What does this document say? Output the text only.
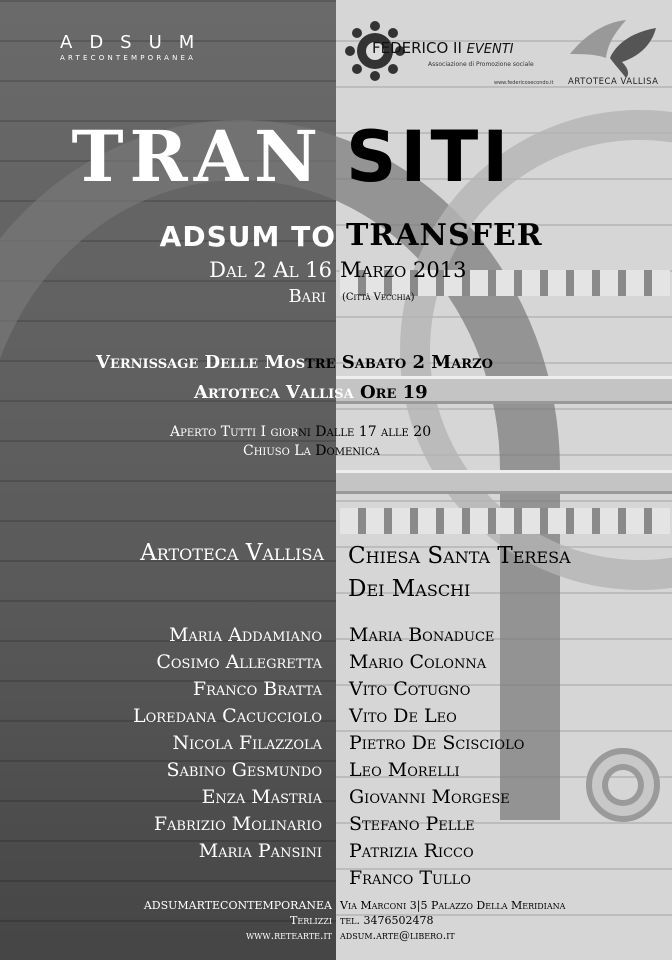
ADSUM
ARTECONTEMPORANEA
FEDERICO II EVENTI
Associazione di Promozione sociale
www.federicosecondo.it ARTOTECA VALLISA
TRAN SITI
ADSUM TO TRANSFER
Dal 2 Al 16 Marzo 2013
Bari (Città Vecchia)
Vernissage Delle Mostre Sabato 2 Marzo
Artoteca Vallisa Ore 19
Aperto Tutti I giorni Dalle 17 alle 20
Chiuso La Domenica
Artoteca Vallisa Chiesa Santa Teresa
Dei Maschi
Maria Addamiano
Cosimo Allegretta
Franco Bratta
Loredana Cacucciolo
Nicola Filazzola
Sabino Gesmundo
Enza Mastria
Fabrizio Molinario
Maria Pansini
Maria Bonaduce
Mario Colonna
Vito Cotugno
Vito De Leo
Pietro De Scisciolo
Leo Morelli
Giovanni Morgese
Stefano Pelle
Patrizia Ricco
Franco Tullo
ADSUMARTECONTEMPORANEA
Terlizzi
www.retearte.it
Via Marconi 3|5 Palazzo Della Meridiana
tel. 3476502478
adsum.arte@libero.it
